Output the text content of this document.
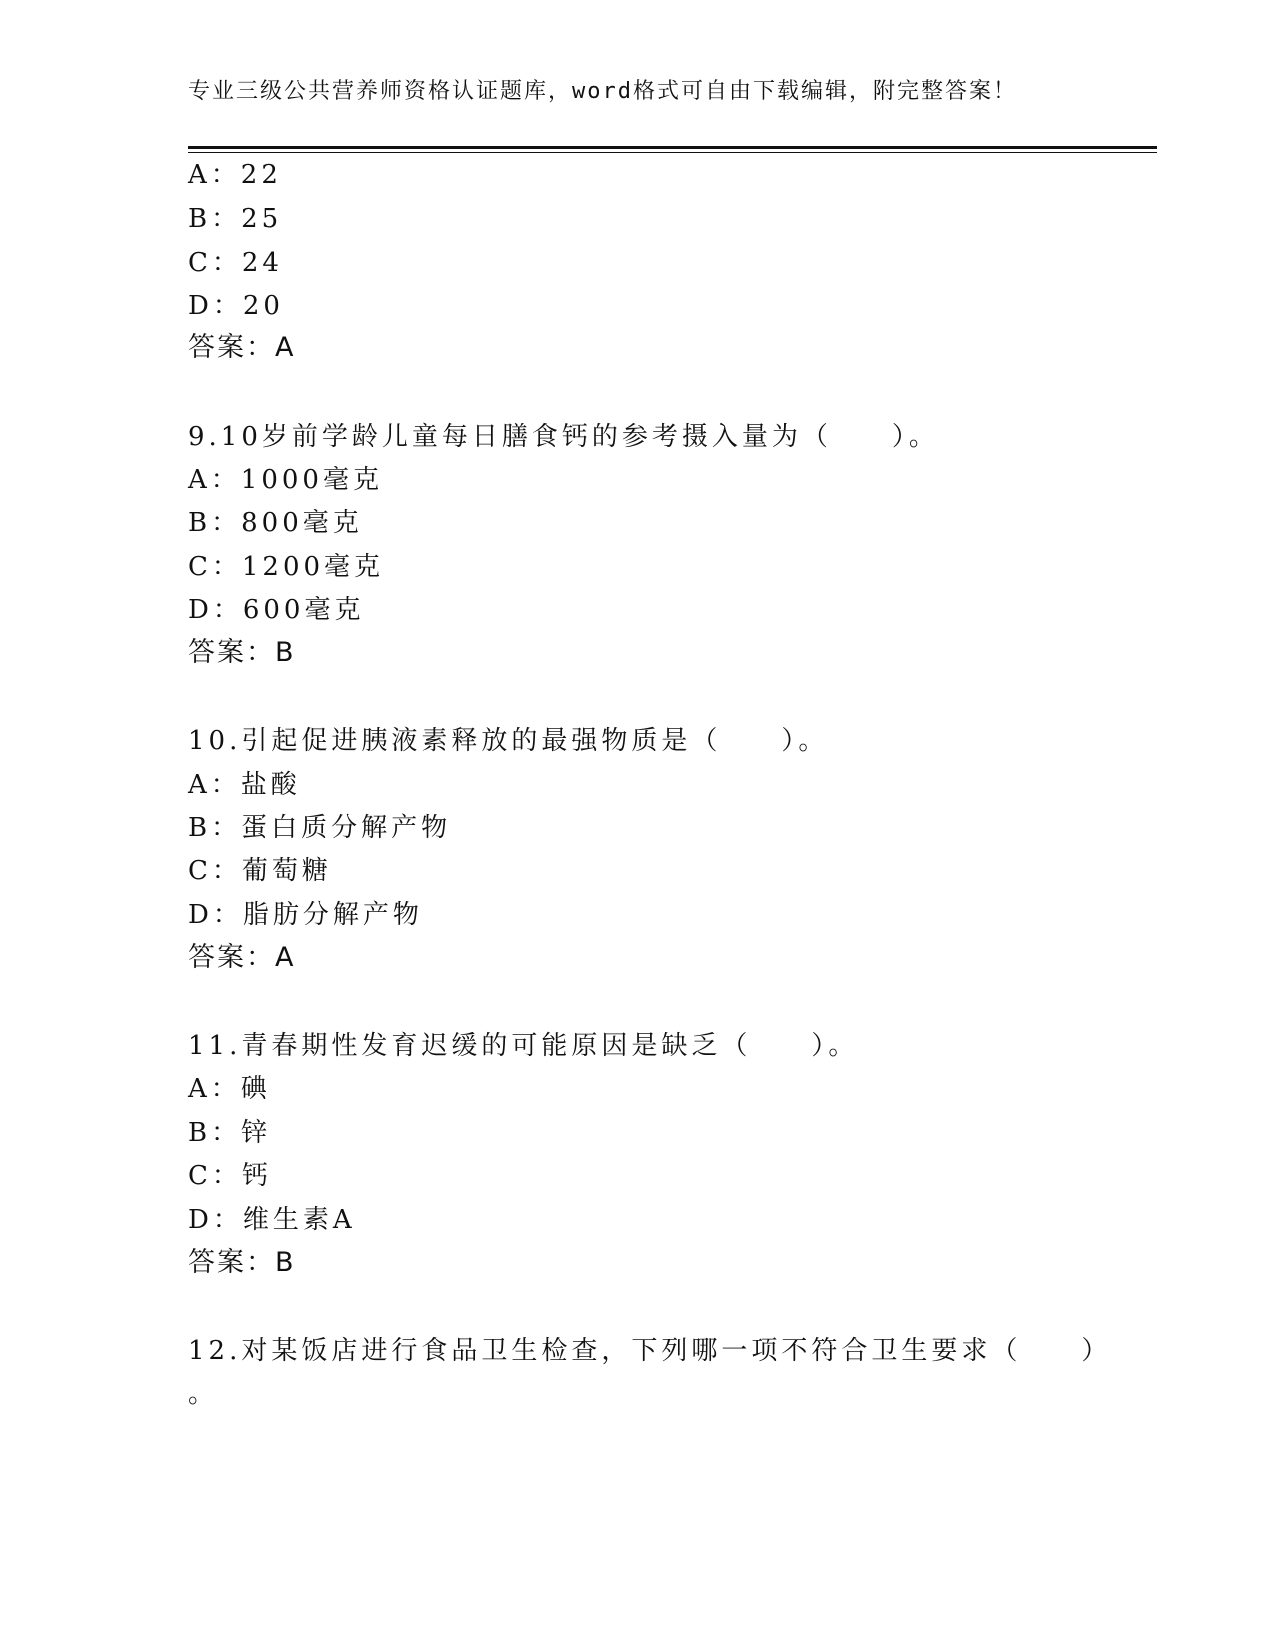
专业三级公共营养师资格认证题库，word格式可自由下载编辑，附完整答案！
A：22
B：25
C：24
D：20
答案：A
9.10岁前学龄儿童每日膳食钙的参考摄入量为（　　）。
A：1000毫克
B：800毫克
C：1200毫克
D：600毫克
答案：B
10.引起促进胰液素释放的最强物质是（　　）。
A：盐酸
B：蛋白质分解产物
C：葡萄糖
D：脂肪分解产物
答案：A
11.青春期性发育迟缓的可能原因是缺乏（　　）。
A：碘
B：锌
C：钙
D：维生素A
答案：B
12.对某饭店进行食品卫生检查，下列哪一项不符合卫生要求（　　）
。
